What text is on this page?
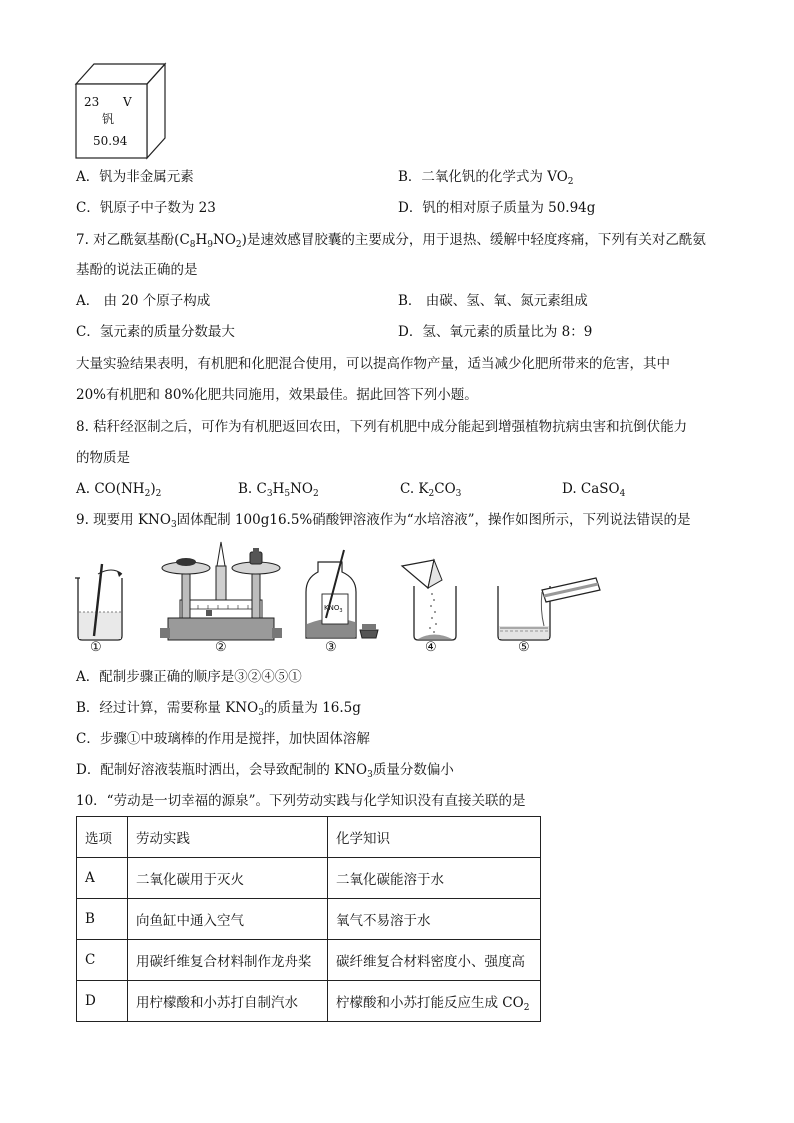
23 V
钒
50.94
A．钒为非金属元素	B．二氧化钒的化学式为 $VO_2$
C．钒原子中子数为 23	D．钒的相对原子质量为 50.94g
7. 对乙酰氨基酚$(C_8H_9NO_2)$是速效感冒胶囊的主要成分，用于退热、缓解中轻度疼痛，下列有关对乙酰氨
基酚的说法正确的是
A． 由 20 个原子构成	B． 由碳、氢、氧、氮元素组成
C．氢元素的质量分数最大	D．氢、氧元素的质量比为 8：9
大量实验结果表明，有机肥和化肥混合使用，可以提高作物产量，适当减少化肥所带来的危害，其中
20%有机肥和 80%化肥共同施用，效果最佳。据此回答下列小题。
8. 秸秆经沤制之后，可作为有机肥返回农田，下列有机肥中成分能起到增强植物抗病虫害和抗倒伏能力
的物质是
A. $CO(NH_2)_2$	B. $C_3H_5NO_2$	C. $K_2CO_3$	D. CaSO$_4$
9. 现要用 $KNO_3$固体配制 100g16.5%硝酸钾溶液作为“水培溶液”，操作如图所示，下列说法错误的是
$KNO_3$
①	②	③	④	⑤
A．配制步骤正确的顺序是③②④⑤①
B．经过计算，需要称量 $KNO_3$的质量为 16.5g
C．步骤①中玻璃棒的作用是搅拌，加快固体溶解
D．配制好溶液装瓶时洒出，会导致配制的 $KNO_3$质量分数偏小
10．“劳动是一切幸福的源泉”。下列劳动实践与化学知识没有直接关联的是
选项	劳动实践	化学知识
A	二氧化碳用于灭火	二氧化碳能溶于水
B	向鱼缸中通入空气	氧气不易溶于水
C	用碳纤维复合材料制作龙舟桨	碳纤维复合材料密度小、强度高
D	用柠檬酸和小苏打自制汽水	柠檬酸和小苏打能反应生成 $CO_2$
